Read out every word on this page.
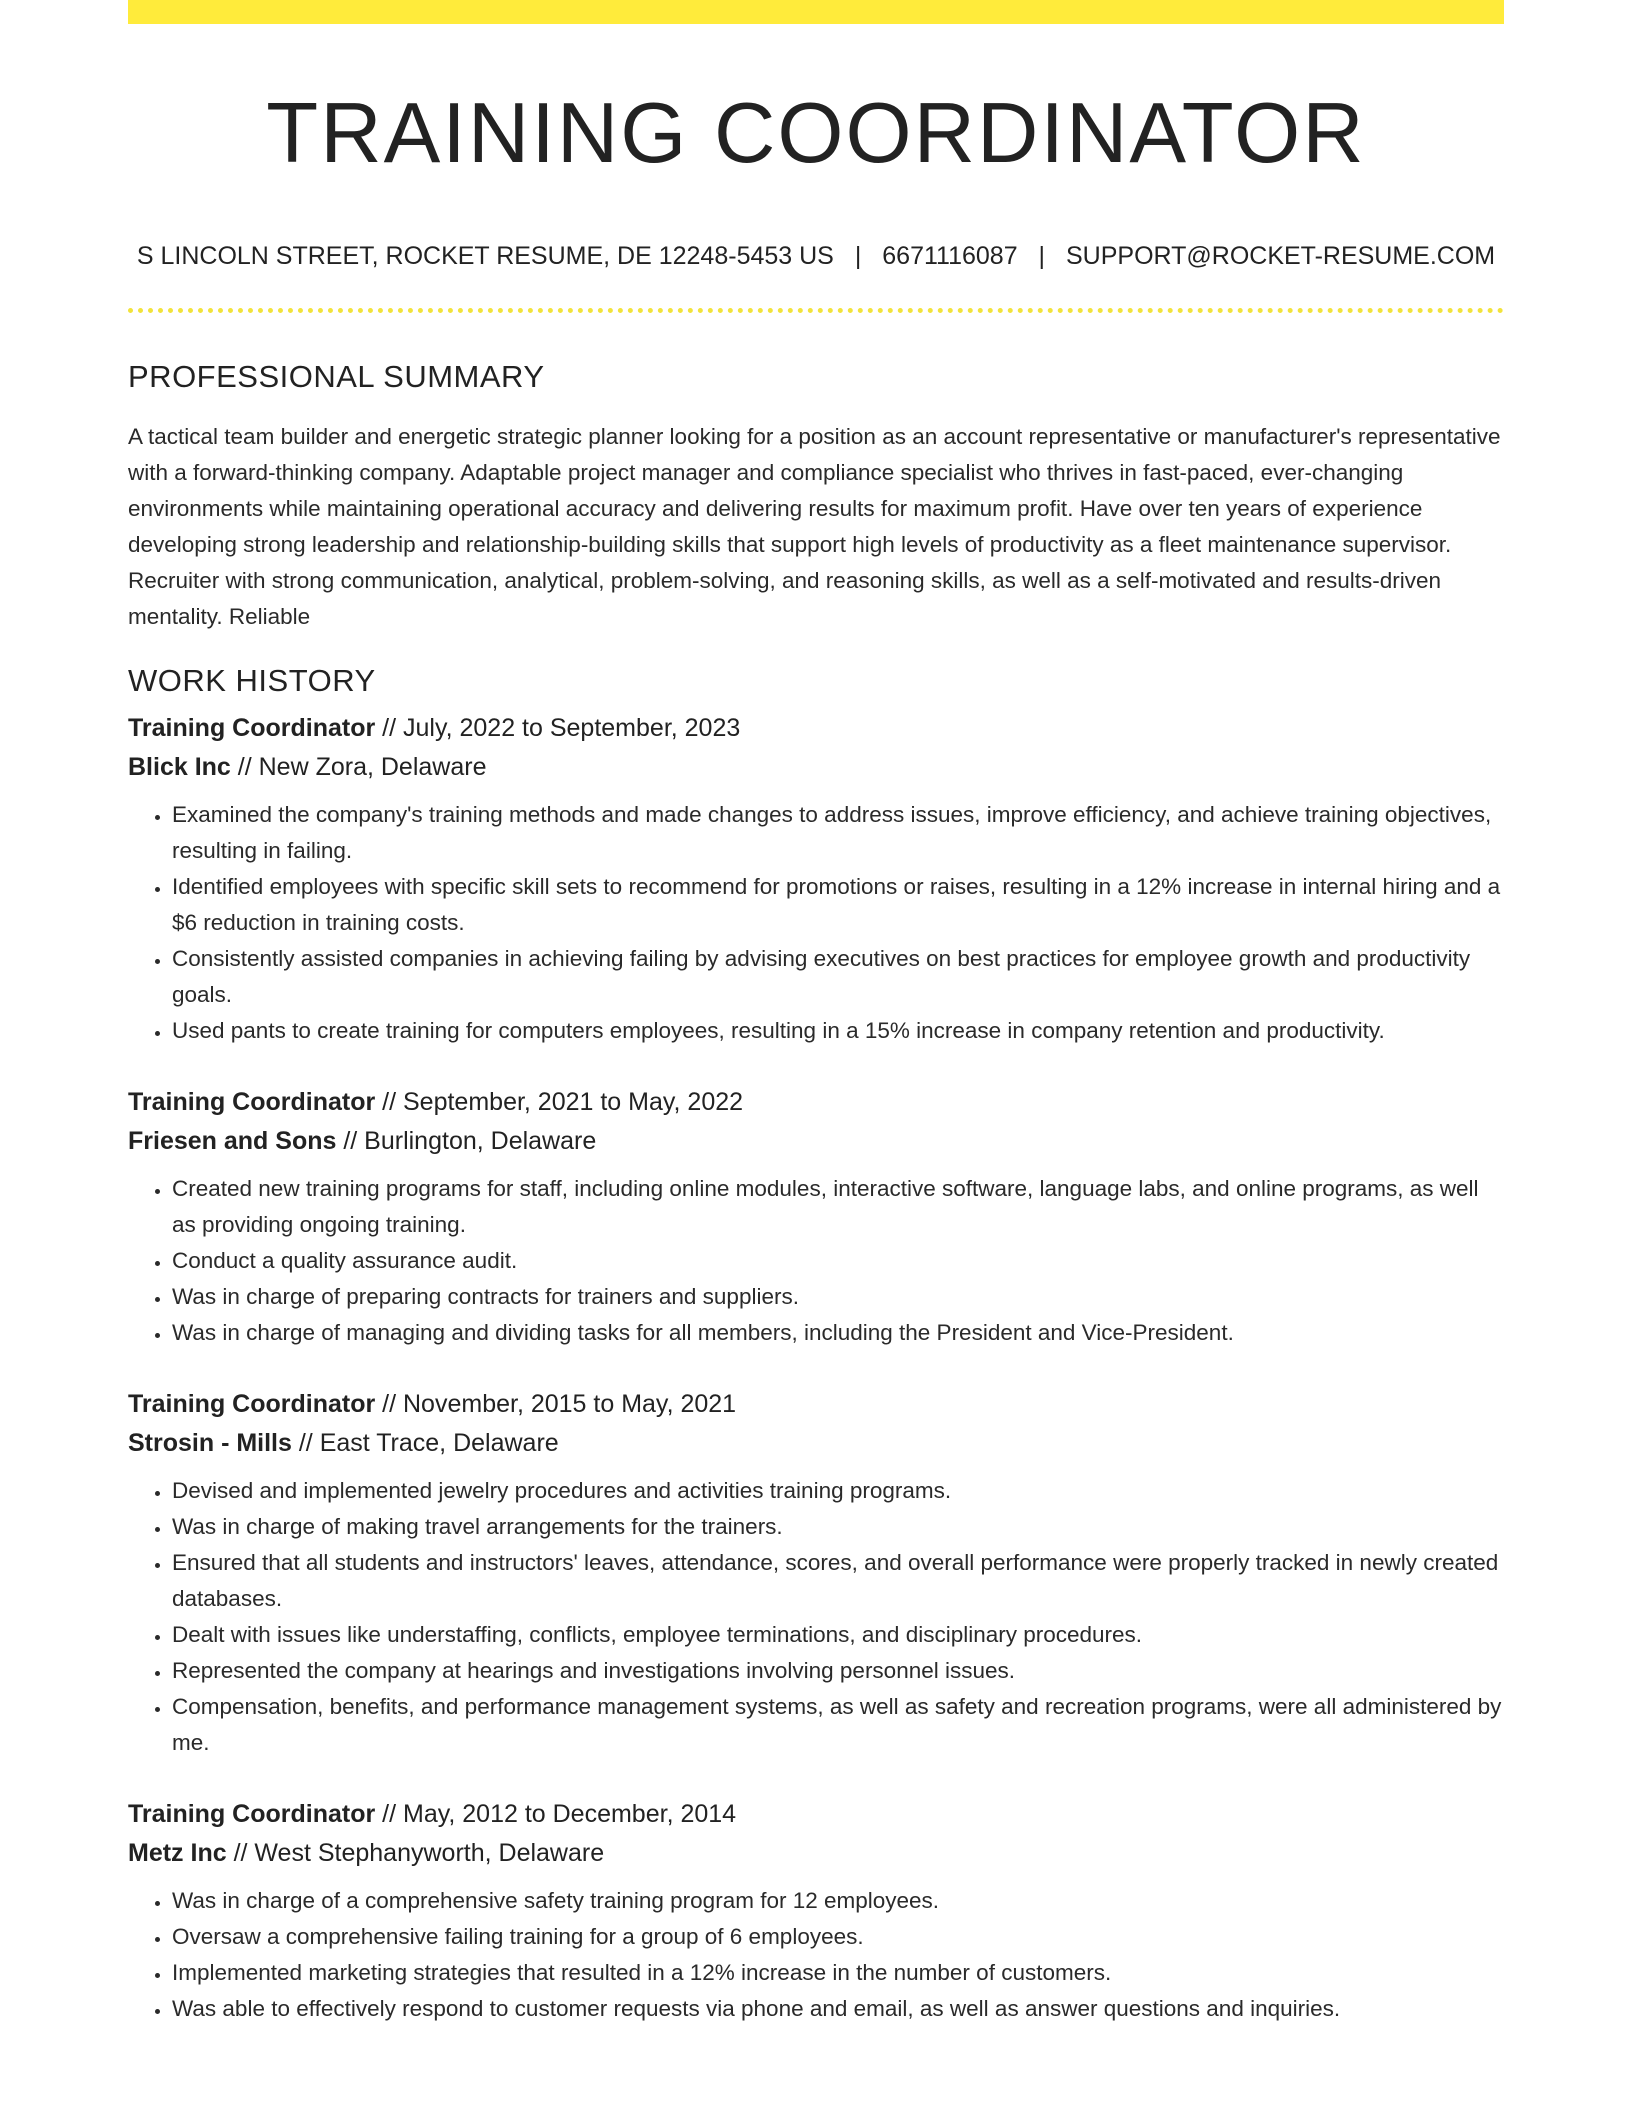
TRAINING COORDINATOR
S LINCOLN STREET, ROCKET RESUME, DE 12248-5453 US | 6671116087 | SUPPORT@ROCKET-RESUME.COM
PROFESSIONAL SUMMARY

A tactical team builder and energetic strategic planner looking for a position as an account representative or manufacturer's representative with a forward-thinking company. Adaptable project manager and compliance specialist who thrives in fast-paced, ever-changing environments while maintaining operational accuracy and delivering results for maximum profit. Have over ten years of experience developing strong leadership and relationship-building skills that support high levels of productivity as a fleet maintenance supervisor. Recruiter with strong communication, analytical, problem-solving, and reasoning skills, as well as a self-motivated and results-driven mentality. Reliable

WORK HISTORY
Training Coordinator // July, 2022 to September, 2023
Blick Inc // New Zora, Delaware
• Examined the company's training methods and made changes to address issues, improve efficiency, and achieve training objectives, resulting in failing.
• Identified employees with specific skill sets to recommend for promotions or raises, resulting in a 12% increase in internal hiring and a $6 reduction in training costs.
• Consistently assisted companies in achieving failing by advising executives on best practices for employee growth and productivity goals.
• Used pants to create training for computers employees, resulting in a 15% increase in company retention and productivity.
Training Coordinator // September, 2021 to May, 2022
Friesen and Sons // Burlington, Delaware
• Created new training programs for staff, including online modules, interactive software, language labs, and online programs, as well as providing ongoing training.
• Conduct a quality assurance audit.
• Was in charge of preparing contracts for trainers and suppliers.
• Was in charge of managing and dividing tasks for all members, including the President and Vice-President.
Training Coordinator // November, 2015 to May, 2021
Strosin - Mills // East Trace, Delaware
• Devised and implemented jewelry procedures and activities training programs.
• Was in charge of making travel arrangements for the trainers.
• Ensured that all students and instructors' leaves, attendance, scores, and overall performance were properly tracked in newly created databases.
• Dealt with issues like understaffing, conflicts, employee terminations, and disciplinary procedures.
• Represented the company at hearings and investigations involving personnel issues.
• Compensation, benefits, and performance management systems, as well as safety and recreation programs, were all administered by me.
Training Coordinator // May, 2012 to December, 2014
Metz Inc // West Stephanyworth, Delaware
• Was in charge of a comprehensive safety training program for 12 employees.
• Oversaw a comprehensive failing training for a group of 6 employees.
• Implemented marketing strategies that resulted in a 12% increase in the number of customers.
• Was able to effectively respond to customer requests via phone and email, as well as answer questions and inquiries.
